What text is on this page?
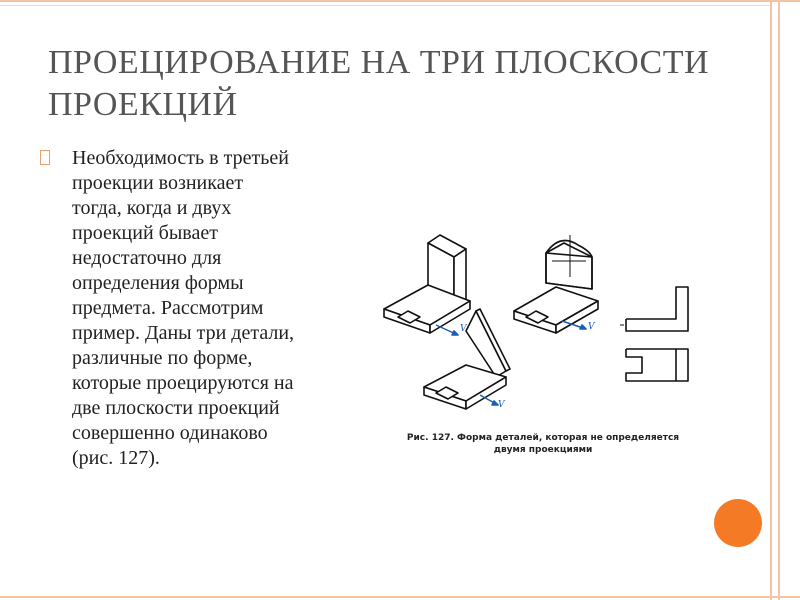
ПРОЕЦИРОВАНИЕ НА ТРИ ПЛОСКОСТИ ПРОЕКЦИЙ
Необходимость в третьей
проекции возникает
тогда, когда и двух
проекций бывает
недостаточно для
определения формы
предмета. Рассмотрим
пример. Даны три детали,
различные по форме,
которые проецируются на
две плоскости проекций
совершенно одинаково
(рис. 127).
V	V
V
Рис. 127. Форма деталей, которая не определяется
двумя проекциями
